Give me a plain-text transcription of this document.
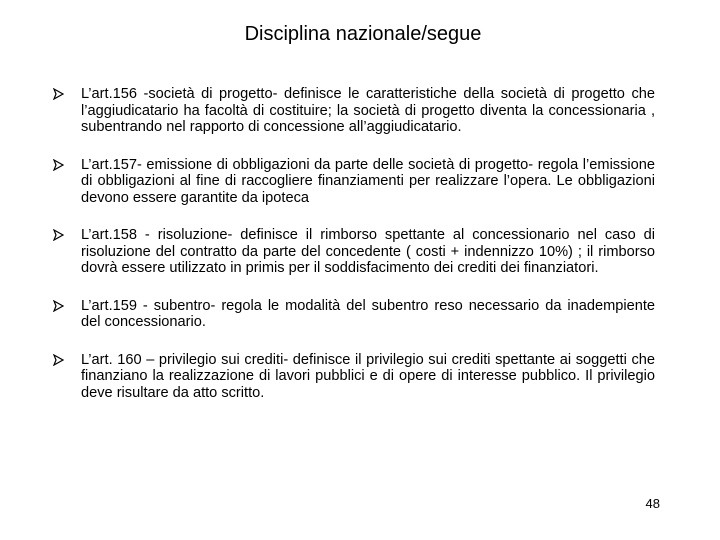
Disciplina nazionale/segue
L’art.156 -società di progetto- definisce le caratteristiche della società di progetto che l’aggiudicatario ha facoltà di costituire; la società di progetto diventa la concessionaria , subentrando nel rapporto di concessione all’aggiudicatario.
L’art.157- emissione di obbligazioni da parte delle società di progetto- regola l’emissione di obbligazioni al fine di raccogliere finanziamenti per realizzare l’opera. Le obbligazioni devono essere garantite da ipoteca
L’art.158 - risoluzione- definisce il rimborso spettante al concessionario nel caso di risoluzione del contratto da parte del concedente ( costi + indennizzo 10%) ; il rimborso dovrà essere utilizzato in primis per il soddisfacimento dei crediti dei finanziatori.
L’art.159 - subentro- regola le modalità del subentro reso necessario da inadempiente del concessionario.
L’art. 160 – privilegio sui crediti- definisce il privilegio sui crediti spettante ai soggetti che finanziano la realizzazione di lavori pubblici e di opere di interesse pubblico. Il privilegio deve risultare da atto scritto.
48
